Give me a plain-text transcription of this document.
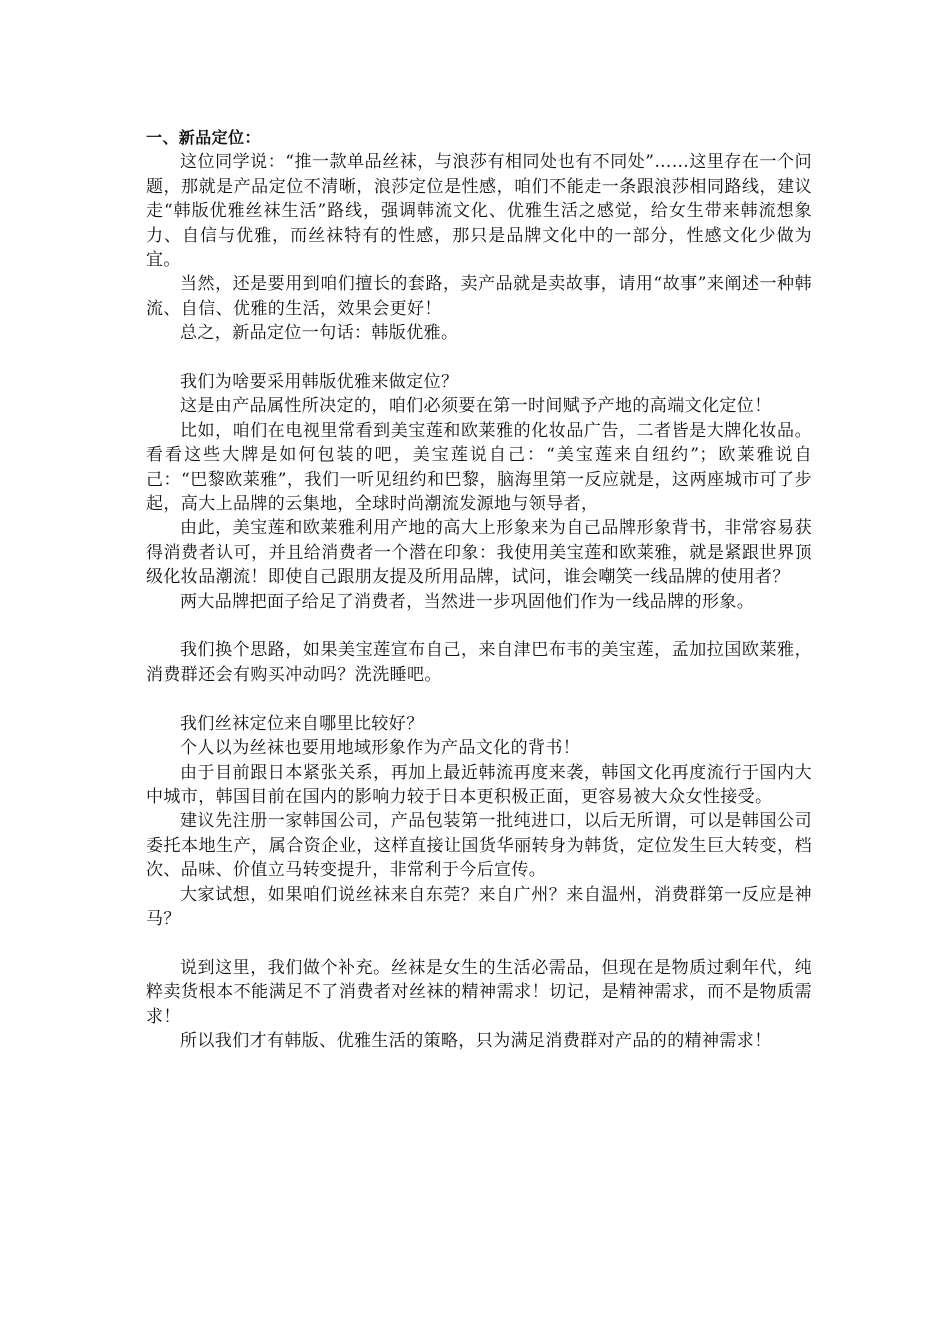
一、新品定位：

这位同学说：“推一款单品丝袜，与浪莎有相同处也有不同处”……这里存在一个问题，那就是产品定位不清晰，浪莎定位是性感，咱们不能走一条跟浪莎相同路线，建议走“韩版优雅丝袜生活”路线，强调韩流文化、优雅生活之感觉，给女生带来韩流想象力、自信与优雅，而丝袜特有的性感，那只是品牌文化中的一部分，性感文化少做为宜。

当然，还是要用到咱们擅长的套路，卖产品就是卖故事，请用“故事”来阐述一种韩流、自信、优雅的生活，效果会更好！

总之，新品定位一句话：韩版优雅。

我们为啥要采用韩版优雅来做定位？

这是由产品属性所决定的，咱们必须要在第一时间赋予产地的高端文化定位！

比如，咱们在电视里常看到美宝莲和欧莱雅的化妆品广告，二者皆是大牌化妆品。看看这些大牌是如何包装的吧，美宝莲说自己：“美宝莲来自纽约”；欧莱雅说自己：“巴黎欧莱雅”，我们一听见纽约和巴黎，脑海里第一反应就是，这两座城市可了步起，高大上品牌的云集地，全球时尚潮流发源地与领导者，

由此，美宝莲和欧莱雅利用产地的高大上形象来为自己品牌形象背书，非常容易获得消费者认可，并且给消费者一个潜在印象：我使用美宝莲和欧莱雅，就是紧跟世界顶级化妆品潮流！即使自己跟朋友提及所用品牌，试问，谁会嘲笑一线品牌的使用者？

两大品牌把面子给足了消费者，当然进一步巩固他们作为一线品牌的形象。

我们换个思路，如果美宝莲宣布自己，来自津巴布韦的美宝莲，孟加拉国欧莱雅，消费群还会有购买冲动吗？洗洗睡吧。

我们丝袜定位来自哪里比较好？

个人以为丝袜也要用地域形象作为产品文化的背书！

由于目前跟日本紧张关系，再加上最近韩流再度来袭，韩国文化再度流行于国内大中城市，韩国目前在国内的影响力较于日本更积极正面，更容易被大众女性接受。

建议先注册一家韩国公司，产品包装第一批纯进口，以后无所谓，可以是韩国公司委托本地生产，属合资企业，这样直接让国货华丽转身为韩货，定位发生巨大转变，档次、品味、价值立马转变提升，非常利于今后宣传。

大家试想，如果咱们说丝袜来自东莞？来自广州？来自温州，消费群第一反应是神马？

说到这里，我们做个补充。丝袜是女生的生活必需品，但现在是物质过剩年代，纯粹卖货根本不能满足不了消费者对丝袜的精神需求！切记，是精神需求，而不是物质需求！

所以我们才有韩版、优雅生活的策略，只为满足消费群对产品的的精神需求！
